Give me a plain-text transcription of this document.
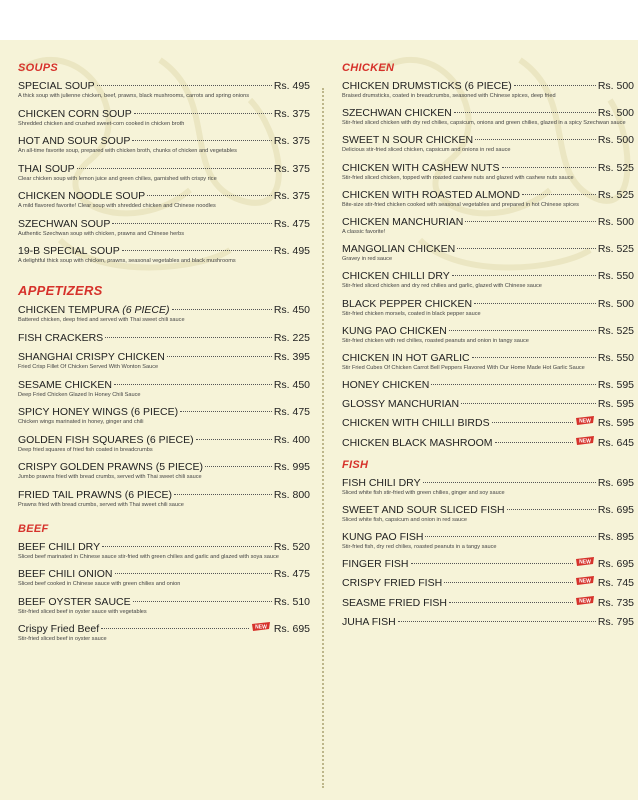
SOUPS
SPECIAL SOUP	Rs. 495
A thick soup with julienne chicken, beef, prawns, black mushrooms, carrots and spring onions
CHICKEN CORN SOUP	Rs. 375
Shredded chicken and crushed sweet-corn cooked in chicken broth
HOT AND SOUR SOUP	Rs. 375
An all-time favorite soup, prepared with chicken broth, chunks of chicken and vegetables
THAI SOUP	Rs. 375
Clear chicken soup with lemon juice and green chilies, garnished with crispy rice
CHICKEN NOODLE SOUP	Rs. 375
A mild flavored favorite! Clear soup with shredded chicken and Chinese noodles
SZECHWAN SOUP	Rs. 475
Authentic Szechwan soup with chicken, prawns and Chinese herbs
19-B SPECIAL SOUP	Rs. 495
A delightful thick soup with chicken, prawns, seasonal vegetables and black mushrooms
APPETIZERS
CHICKEN TEMPURA (6 PIECE)	Rs. 450
Battered chicken, deep fried and served with Thai sweet chili sauce
FISH CRACKERS	Rs. 225
SHANGHAI CRISPY CHICKEN	Rs. 395
Fried Crisp Fillet Of Chicken Served With Wonton Sauce
SESAME CHICKEN	Rs. 450
Deep Fried Chicken Glazed In Honey Chili Sauce
SPICY HONEY WINGS (6 PIECE)	Rs. 475
Chicken wings marinated in honey, ginger and chili
GOLDEN FISH SQUARES (6 PIECE)	Rs. 400
Deep fried squares of fried fish coated in breadcrumbs
CRISPY GOLDEN PRAWNS (5 PIECE)	Rs. 995
Jumbo prawns fried with bread crumbs, served with Thai sweet chili sauce
FRIED TAIL PRAWNS (6 PIECE)	Rs. 800
Prawns fried with bread crumbs, served with Thai sweet chili sauce
BEEF
BEEF CHILI DRY	Rs. 520
Sliced beef marinated in Chinese sauce stir-fried with green chilies and garlic and glazed with soya sauce
BEEF CHILI ONION	Rs. 475
Sliced beef cooked in Chinese sauce with green chilies and onion
BEEF OYSTER SAUCE	Rs. 510
Stir-fried sliced beef in oyster sauce with vegetables
Crispy Fried Beef	NEW Rs. 695
Stir-fried sliced beef in oyster sauce
CHICKEN
CHICKEN DRUMSTICKS (6 PIECE)	Rs. 500
Braised drumsticks, coated in breadcrumbs, seasoned with Chinese spices, deep fried
SZECHWAN CHICKEN	Rs. 500
Stir-fried sliced chicken with dry red chilies, capsicum, onions and green chilies, glazed in a spicy Szechwan sauce
SWEET N SOUR CHICKEN	Rs. 500
Delicious stir-fried sliced chicken, capsicum and onions in red sauce
CHICKEN WITH CASHEW NUTS	Rs. 525
Stir-fried sliced chicken, topped with roasted cashew nuts and glazed with cashew nuts sauce
CHICKEN WITH ROASTED ALMOND	Rs. 525
Bite-size stir-fried chicken cooked with seasonal vegetables and prepared in hot Chinese spices
CHICKEN MANCHURIAN	Rs. 500
A classic favorite!
MANGOLIAN CHICKEN	Rs. 525
Gravey in red sauce
CHICKEN CHILLI DRY	Rs. 550
Stir-fried sliced chicken and dry red chilies and garlic, glazed with Chinese sauce
BLACK PEPPER CHICKEN	Rs. 500
Stir-fried chicken morsels, coated in black pepper sauce
KUNG PAO CHICKEN	Rs. 525
Stir-fried chicken with red chilies, roasted peanuts and onion in tangy sauce
CHICKEN IN HOT GARLIC	Rs. 550
Stir Fried Cubes Of Chicken Carrot Bell Peppers Flavored With Our Home Made Hot Garlic Sauce
HONEY CHICKEN	Rs. 595
GLOSSY MANCHURIAN	Rs. 595
CHICKEN WITH CHILLI BIRDS	NEW Rs. 595
CHICKEN BLACK MASHROOM	NEW Rs. 645
FISH
FISH CHILI DRY	Rs. 695
Sliced white fish stir-fried with green chilies, ginger and soy sauce
SWEET AND SOUR SLICED FISH	Rs. 695
Sliced white fish, capsicum and onion in red sauce
KUNG PAO FISH	Rs. 895
Stir-fried fish, dry red chilies, roasted peanuts in a tangy sauce
FINGER FISH	NEW Rs. 695
CRISPY FRIED FISH	NEW Rs. 745
SEASME FRIED FISH	NEW Rs. 735
JUHA FISH	Rs. 795
